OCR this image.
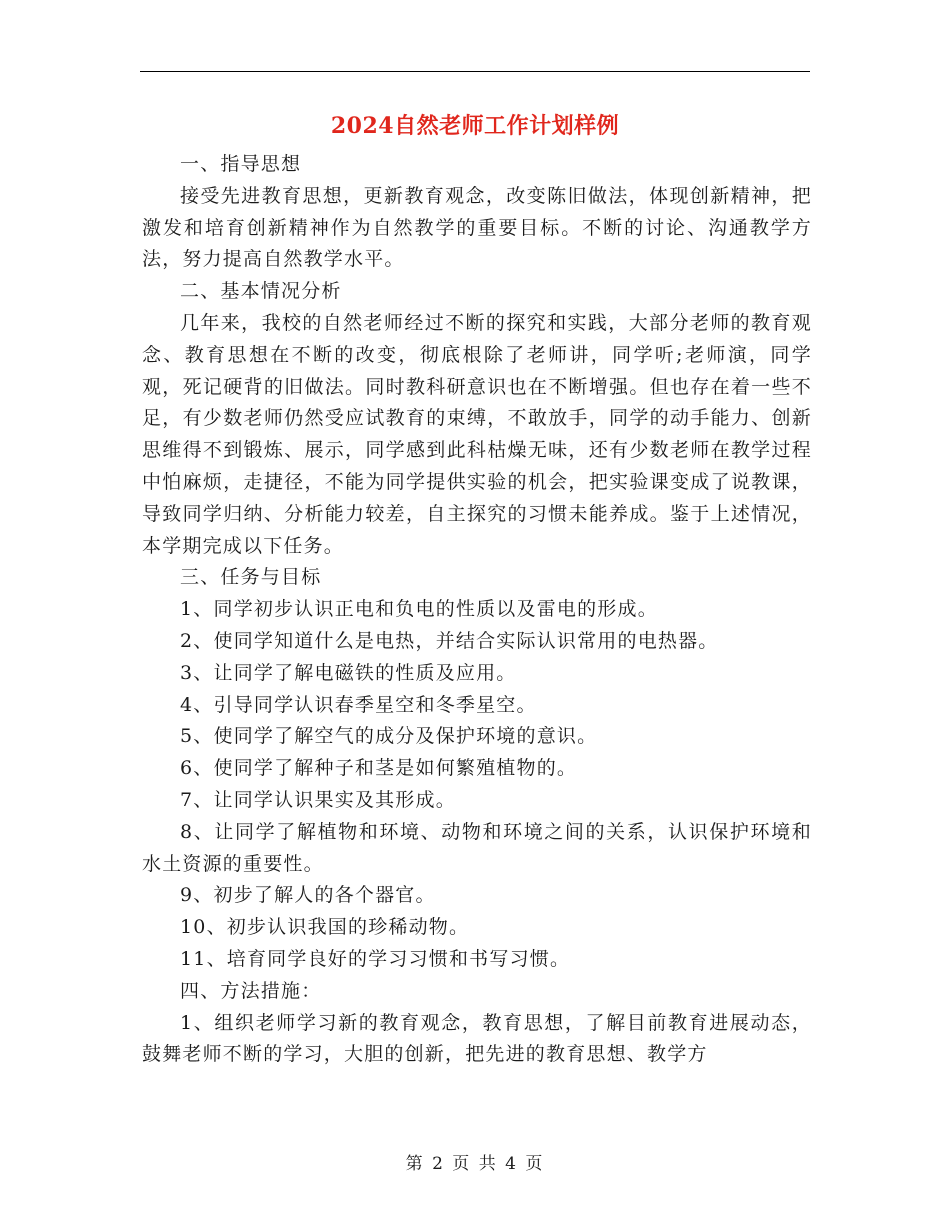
2024自然老师工作计划样例

一、指导思想

接受先进教育思想，更新教育观念，改变陈旧做法，体现创新精神，把激发和培育创新精神作为自然教学的重要目标。不断的讨论、沟通教学方法，努力提高自然教学水平。

二、基本情况分析

几年来，我校的自然老师经过不断的探究和实践，大部分老师的教育观念、教育思想在不断的改变，彻底根除了老师讲，同学听;老师演，同学观，死记硬背的旧做法。同时教科研意识也在不断增强。但也存在着一些不足，有少数老师仍然受应试教育的束缚，不敢放手，同学的动手能力、创新思维得不到锻炼、展示，同学感到此科枯燥无味，还有少数老师在教学过程中怕麻烦，走捷径，不能为同学提供实验的机会，把实验课变成了说教课，导致同学归纳、分析能力较差，自主探究的习惯未能养成。鉴于上述情况，本学期完成以下任务。

三、任务与目标

1、同学初步认识正电和负电的性质以及雷电的形成。

2、使同学知道什么是电热，并结合实际认识常用的电热器。

3、让同学了解电磁铁的性质及应用。

4、引导同学认识春季星空和冬季星空。

5、使同学了解空气的成分及保护环境的意识。

6、使同学了解种子和茎是如何繁殖植物的。

7、让同学认识果实及其形成。

8、让同学了解植物和环境、动物和环境之间的关系，认识保护环境和水土资源的重要性。

9、初步了解人的各个器官。

10、初步认识我国的珍稀动物。

11、培育同学良好的学习习惯和书写习惯。

四、方法措施：

1、组织老师学习新的教育观念，教育思想，了解目前教育进展动态，鼓舞老师不断的学习，大胆的创新，把先进的教育思想、教学方

第 2 页 共 4 页
